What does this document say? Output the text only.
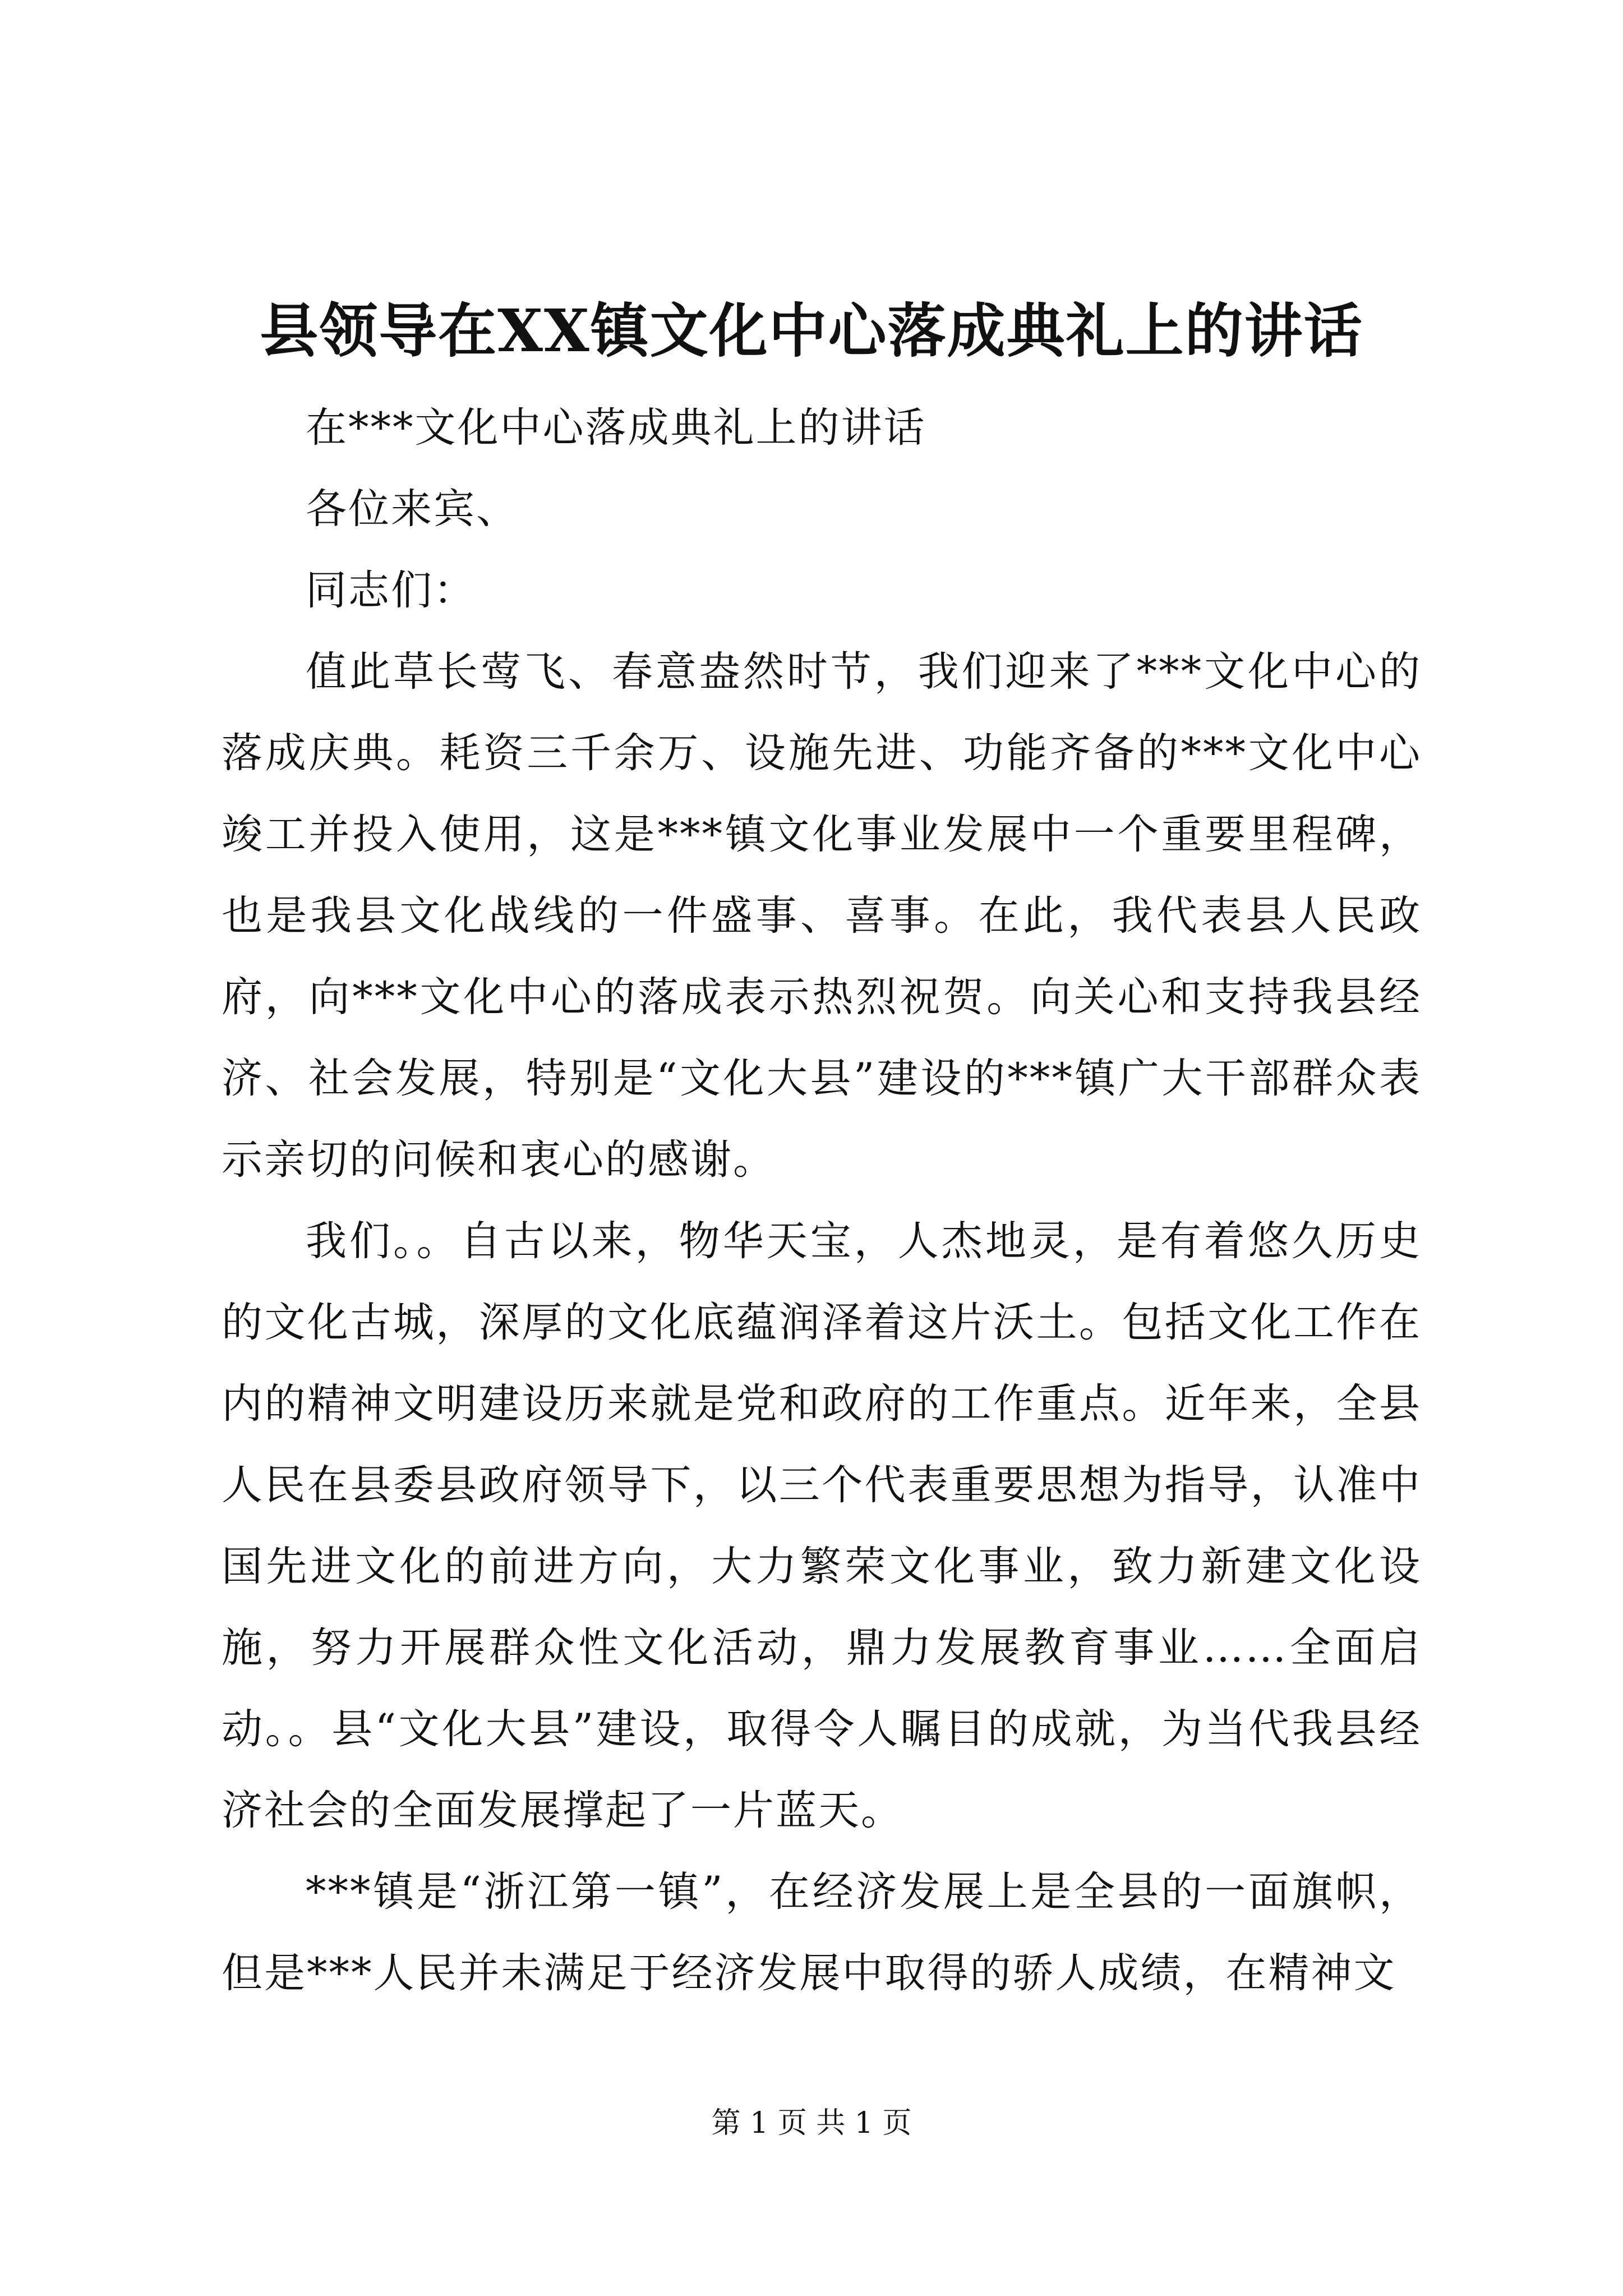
县领导在XX镇文化中心落成典礼上的讲话

在***文化中心落成典礼上的讲话

各位来宾、

同志们：

值此草长莺飞、春意盎然时节，我们迎来了***文化中心的落成庆典。耗资三千余万、设施先进、功能齐备的***文化中心竣工并投入使用，这是***镇文化事业发展中一个重要里程碑，也是我县文化战线的一件盛事、喜事。在此，我代表县人民政府，向***文化中心的落成表示热烈祝贺。向关心和支持我县经济、社会发展，特别是“文化大县”建设的***镇广大干部群众表示亲切的问候和衷心的感谢。

我们。。自古以来，物华天宝，人杰地灵，是有着悠久历史的文化古城，深厚的文化底蕴润泽着这片沃土。包括文化工作在内的精神文明建设历来就是党和政府的工作重点。近年来，全县人民在县委县政府领导下，以三个代表重要思想为指导，认准中国先进文化的前进方向，大力繁荣文化事业，致力新建文化设施，努力开展群众性文化活动，鼎力发展教育事业……全面启动。。县“文化大县”建设，取得令人瞩目的成就，为当代我县经济社会的全面发展撑起了一片蓝天。

***镇是“浙江第一镇”，在经济发展上是全县的一面旗帜，但是***人民并未满足于经济发展中取得的骄人成绩，在精神文

第 1 页 共 1 页
